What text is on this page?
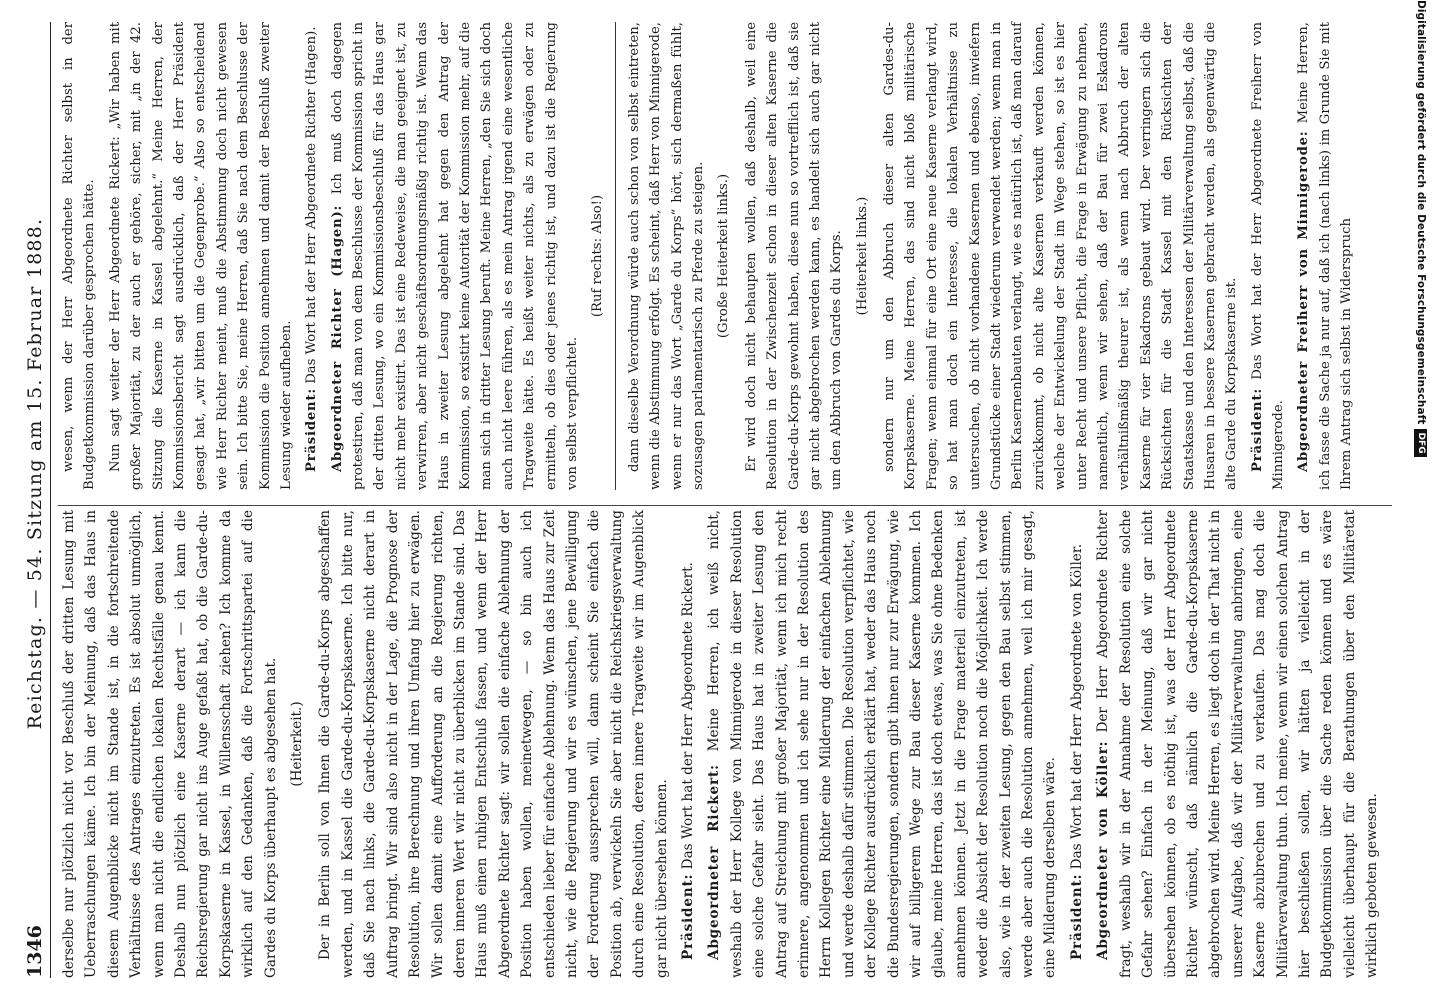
Digitalisierung gefördert durch die Deutsche Forschungsgemeinschaft
DFG
1346
Reichstag. — 54. Sitzung am 15. Februar 1888.

derselbe nur plötzlich nicht vor Beschluß der dritten Lesung mit Ueberraschungen käme. Ich bin der Meinung, daß das Haus in diesem Augenblicke nicht im Stande ist, in die fortschreitende Verhältnisse des Antrages einzutreten. Es ist absolut unmöglich, wenn man nicht die endlichen lokalen Rechtsfälle genau kennt. Deshalb nun plötzlich eine Kaserne derart — ich kann die Reichsregierung gar nicht ins Auge gefaßt hat, ob die Garde-du-Korpskaserne in Kassel, in Willensschaft ziehen? Ich komme da wirklich auf den Gedanken, daß die Fortschrittspartei auf die Gardes du Korps überhaupt es abgesehen hat. (Heiterkeit.) Der in Berlin soll von Ihnen die Garde-du-Korps abgeschaffen werden, und in Kassel die Garde-du-Korpskaserne. Ich bitte nur, daß Sie nach links, die Garde-du-Korpskaserne nicht derart in Auftrag bringt. Wir sind also nicht in der Lage, die Prognose der Resolution, ihre Berechnung und ihren Umfang hier zu erwägen. Wir sollen damit eine Aufforderung an die Regierung richten, deren inneren Wert wir nicht zu überblicken im Stande sind. Das Haus muß einen ruhigen Entschluß fassen, und wenn der Herr Abgeordnete Richter sagt: wir sollen die einfache Ablehnung der Position haben wollen, meinetwegen, — so bin auch ich entschieden lieber für einfache Ablehnung. Wenn das Haus zur Zeit nicht, wie die Regierung und wir es wünschen, jene Bewilligung der Forderung aussprechen will, dann scheint Sie einfach die Position ab, verwickeln Sie aber nicht die Reichskriegsverwaltung durch eine Resolution, deren innere Tragweite wir im Augenblick gar nicht übersehen können. Präsident: Das Wort hat der Herr Abgeordnete Rickert. Abgeordneter Rickert: Meine Herren, ich weiß nicht, weshalb der Herr Kollege von Minnigerode in dieser Resolution eine solche Gefahr sieht. Das Haus hat in zweiter Lesung den Antrag auf Streichung mit großer Majorität, wenn ich mich recht erinnere, angenommen und ich sehe nur in der Resolution des Herrn Kollegen Richter eine Milderung der einfachen Ablehnung und werde deshalb dafür stimmen. Die Resolution verpflichtet, wie der Kollege Richter ausdrücklich erklärt hat, weder das Haus noch die Bundesregierungen, sondern gibt ihnen nur zur Erwägung, wie wir auf billigerem Wege zur Bau dieser Kaserne kommen. Ich glaube, meine Herren, das ist doch etwas, was Sie ohne Bedenken annehmen können. Jetzt in die Frage materiell einzutreten, ist weder die Absicht der Resolution noch die Möglichkeit. Ich werde also, wie in der zweiten Lesung, gegen den Bau selbst stimmen, werde aber auch die Resolution annehmen, weil ich mir gesagt, eine Milderung derselben wäre. Präsident: Das Wort hat der Herr Abgeordnete von Köller. Abgeordneter von Köller: Der Herr Abgeordnete Richter fragt, weshalb wir in der Annahme der Resolution eine solche Gefahr sehen? Einfach in der Meinung, daß wir gar nicht übersehen können, ob es nöthig ist, was der Herr Abgeordnete Richter wünscht, daß nämlich die Garde-du-Korpskaserne abgebrochen wird. Meine Herren, es liegt doch in der That nicht in unserer Aufgabe, daß wir der Militärverwaltung anbringen, eine Kaserne abzubrechen und zu verkaufen. Das mag doch die Militärverwaltung thun. Ich meine, wenn wir einen solchen Antrag hier beschließen sollen, wir hätten ja vielleicht in der Budgetkommission über die Sache reden können und es wäre vielleicht überhaupt für die Berathungen über den Militäretat wirklich geboten gewesen.

wesen, wenn der Herr Abgeordnete Richter selbst in der Budgetkommission darüber gesprochen hätte. Nun sagt weiter der Herr Abgeordnete Rickert: „Wir haben mit großer Majorität, zu der auch er gehöre, sicher, mit „in der 42. Sitzung die Kaserne in Kassel abgelehnt.“ Meine Herren, der Kommissionsbericht sagt ausdrücklich, daß der Herr Präsident gesagt hat, „wir bitten um die Gegenprobe.“ Also so entscheidend wie Herr Richter meint, muß die Abstimmung doch nicht gewesen sein. Ich bitte Sie, meine Herren, daß Sie nach dem Beschlusse der Kommission die Position annehmen und damit der Beschluß zweiter Lesung wieder aufheben. Präsident: Das Wort hat der Herr Abgeordnete Richter (Hagen). Abgeordneter Richter (Hagen): Ich muß doch dagegen protestiren, daß man von dem Beschlusse der Kommission spricht in der dritten Lesung, wo ein Kommissionsbeschluß für das Haus gar nicht mehr existirt. Das ist eine Redeweise, die man geeignet ist, zu verwirren, aber nicht geschäftsordnungsmäßig richtig ist. Wenn das Haus in zweiter Lesung abgelehnt hat gegen den Antrag der Kommission, so existirt keine Autorität der Kommission mehr, auf die man sich in dritter Lesung beruft. Meine Herren, „den Sie sich doch auch nicht leere führen, als es mein Antrag irgend eine wesentliche Tragweite hätte. Es heißt weiter nichts, als zu erwägen oder zu ermitteln, ob dies oder jenes richtig ist, und dazu ist die Regierung von selbst verpflichtet.

(Ruf rechts: Also!) dann dieselbe Verordnung würde auch schon von selbst eintreten, wenn die Abstimmung erfolgt. Es scheint, daß Herr von Minnigerode, wenn er nur das Wort „Garde du Korps“ hört, sich dermaßen fühlt, sozusagen parlamentarisch zu Pferde zu steigen. (Große Heiterkeit links.) Er wird doch nicht behaupten wollen, daß deshalb, weil eine Resolution in der Zwischenzeit schon in dieser alten Kaserne die Garde-du-Korps gewohnt haben, diese nun so vortrefflich ist, daß sie gar nicht abgebrochen werden kann, es handelt sich auch gar nicht um den Abbruch von Gardes du Korps. (Heiterkeit links.) sondern nur um den Abbruch dieser alten Gardes-du-Korpskaserne. Meine Herren, das sind nicht bloß militärische Fragen; wenn einmal für eine Ort eine neue Kaserne verlangt wird, so hat man doch ein Interesse, die lokalen Verhältnisse zu untersuchen, ob nicht vorhandene Kasernen und ebenso, inwiefern Grundstücke einer Stadt wiederum verwendet werden; wenn man in Berlin Kasernenbauten verlangt, wie es natürlich ist, daß man darauf zurückkommt, ob nicht alte Kasernen verkauft werden können, welche der Entwickelung der Stadt im Wege stehen, so ist es hier unter Recht und unsere Pflicht, die Frage in Erwägung zu nehmen, namentlich, wenn wir sehen, daß der Bau für zwei Eskadrons verhältnißmäßig theurer ist, als wenn nach Abbruch der alten Kaserne für vier Eskadrons gebaut wird. Der verringern sich die Rücksichten für die Stadt Kassel mit den Rücksichten der Staatskasse und den Interessen der Militärverwaltung selbst, daß die Husaren in bessere Kasernen gebracht werden, als gegenwärtig die alte Garde du Korpskaserne ist. Präsident: Das Wort hat der Herr Abgeordnete Freiherr von Minnigerode. Abgeordneter Freiherr von Minnigerode: Meine Herren, ich fasse die Sache ja nur auf, daß ich (nach links) im Grunde Sie mit Ihrem Antrag sich selbst in Widerspruch
